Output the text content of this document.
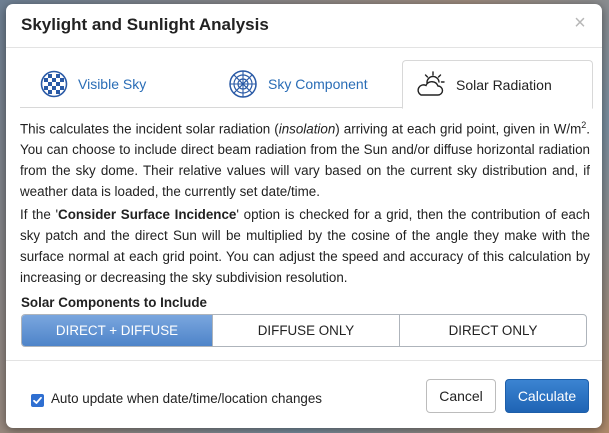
Skylight and Sunlight Analysis	×
Visible Sky	Sky Component	Solar Radiation

This calculates the incident solar radiation (insolation) arriving at each grid point, given in $W/m^2$. You can choose to include direct beam radiation from the Sun and/or diffuse horizontal radiation from the sky dome. Their relative values will vary based on the current sky distribution and, if weather data is loaded, the currently set date/time.

If the 'Consider Surface Incidence' option is checked for a grid, then the contribution of each sky patch and the direct Sun will be multiplied by the cosine of the angle they make with the surface normal at each grid point. You can adjust the speed and accuracy of this calculation by increasing or decreasing the sky subdivision resolution.

Solar Components to Include
DIRECT + DIFFUSE	DIFFUSE ONLY	DIRECT ONLY
Auto update when date/time/location changes	Cancel	Calculate
